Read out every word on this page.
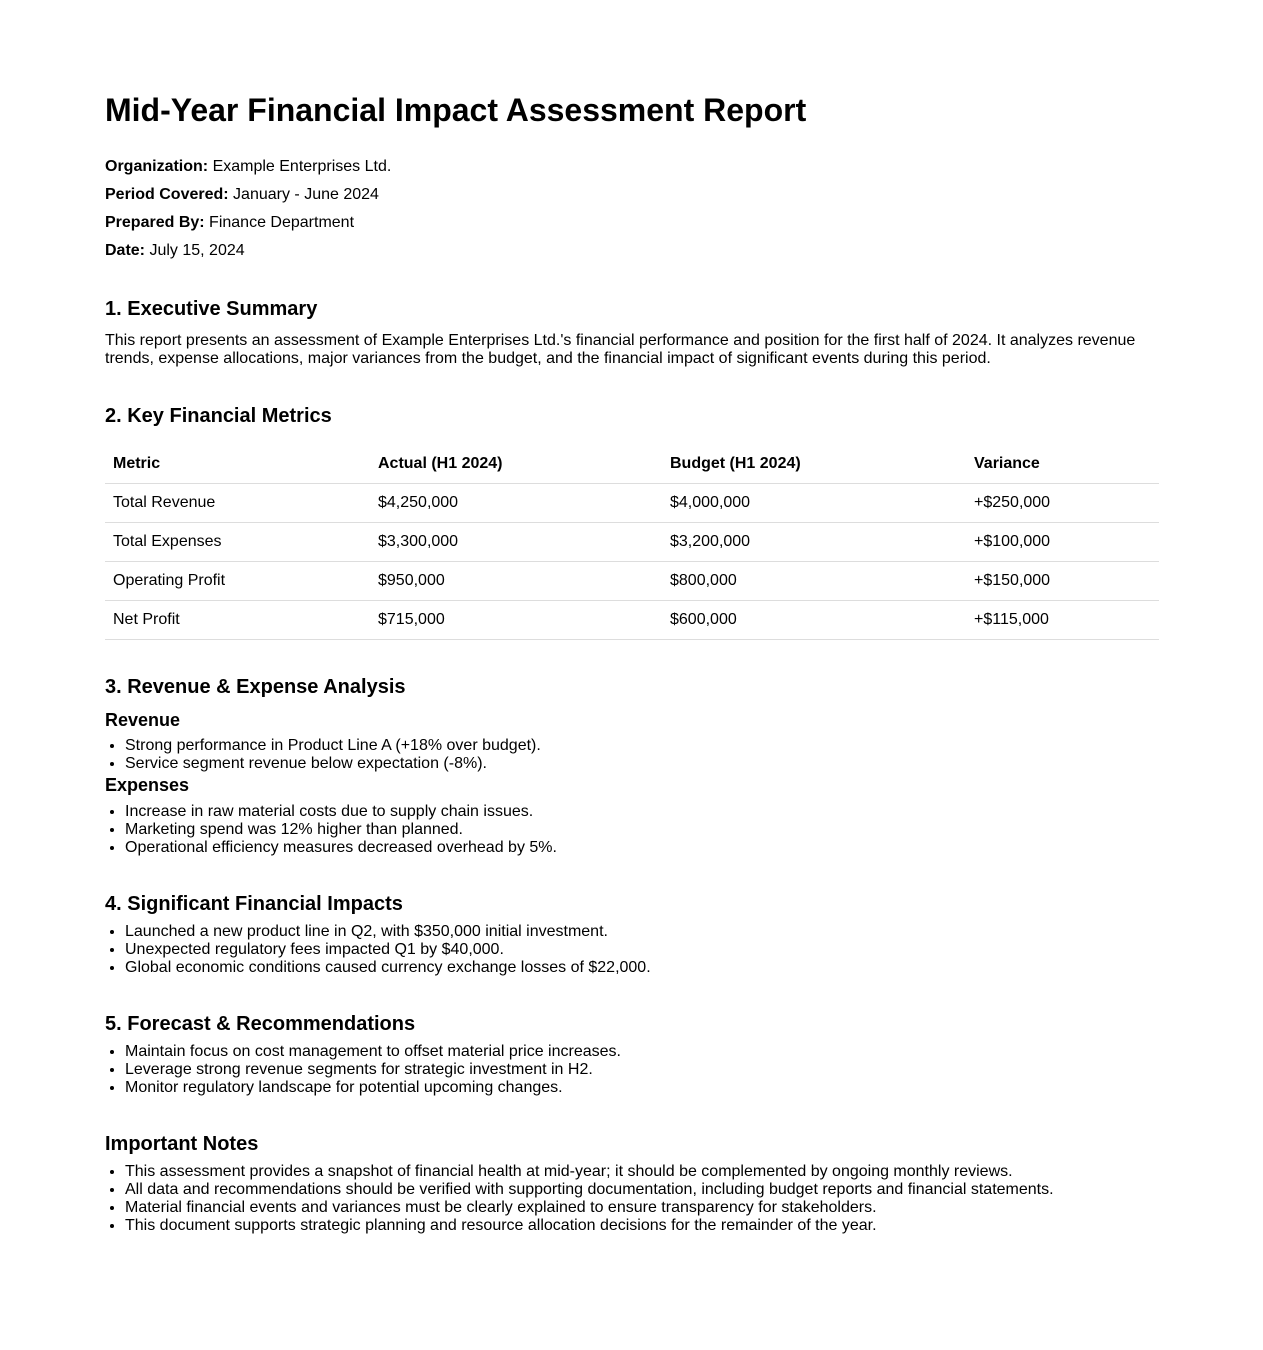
Mid-Year Financial Impact Assessment Report

Organization: Example Enterprises Ltd.

Period Covered: January - June 2024

Prepared By: Finance Department

Date: July 15, 2024

1. Executive Summary

This report presents an assessment of Example Enterprises Ltd.'s financial performance and position for the first half of 2024. It analyzes revenue trends, expense allocations, major variances from the budget, and the financial impact of significant events during this period.

2. Key Financial Metrics
Metric	Actual (H1 2024)	Budget (H1 2024)	Variance
Total Revenue	$4,250,000	$4,000,000	+$250,000
Total Expenses	$3,300,000	$3,200,000	+$100,000
Operating Profit	$950,000	$800,000	+$150,000
Net Profit	$715,000	$600,000	+$115,000
3. Revenue & Expense Analysis
Revenue
• Strong performance in Product Line A (+18% over budget).
• Service segment revenue below expectation (-8%).
Expenses
• Increase in raw material costs due to supply chain issues.
• Marketing spend was 12% higher than planned.
• Operational efficiency measures decreased overhead by 5%.
4. Significant Financial Impacts
• Launched a new product line in Q2, with $350,000 initial investment.
• Unexpected regulatory fees impacted Q1 by $40,000.
• Global economic conditions caused currency exchange losses of $22,000.
5. Forecast & Recommendations
• Maintain focus on cost management to offset material price increases.
• Leverage strong revenue segments for strategic investment in H2.
• Monitor regulatory landscape for potential upcoming changes.
Important Notes
• This assessment provides a snapshot of financial health at mid-year; it should be complemented by ongoing monthly reviews.
• All data and recommendations should be verified with supporting documentation, including budget reports and financial statements.
• Material financial events and variances must be clearly explained to ensure transparency for stakeholders.
• This document supports strategic planning and resource allocation decisions for the remainder of the year.
